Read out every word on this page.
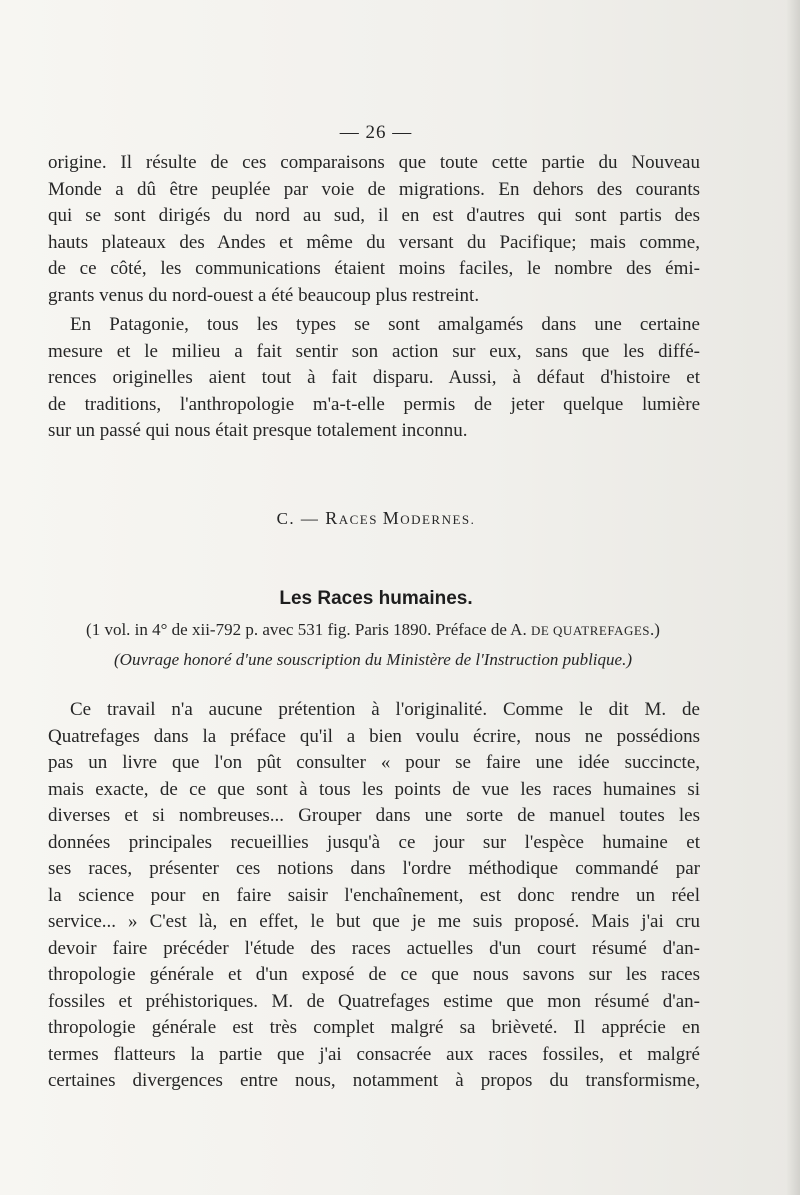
— 26 —
origine. Il résulte de ces comparaisons que toute cette partie du Nouveau
Monde a dû être peuplée par voie de migrations. En dehors des courants
qui se sont dirigés du nord au sud, il en est d'autres qui sont partis des
hauts plateaux des Andes et même du versant du Pacifique; mais comme,
de ce côté, les communications étaient moins faciles, le nombre des émi-
grants venus du nord-ouest a été beaucoup plus restreint.
En Patagonie, tous les types se sont amalgamés dans une certaine
mesure et le milieu a fait sentir son action sur eux, sans que les diffé-
rences originelles aient tout à fait disparu. Aussi, à défaut d'histoire et
de traditions, l'anthropologie m'a-t-elle permis de jeter quelque lumière
sur un passé qui nous était presque totalement inconnu.
C. — RACES MODERNES.
Les Races humaines.
(1 vol. in 4° de xii-792 p. avec 531 fig. Paris 1890. Préface de A. DE QUATREFAGES.)
(Ouvrage honoré d'une souscription du Ministère de l'Instruction publique.)
Ce travail n'a aucune prétention à l'originalité. Comme le dit M. de
Quatrefages dans la préface qu'il a bien voulu écrire, nous ne possédions
pas un livre que l'on pût consulter « pour se faire une idée succincte,
mais exacte, de ce que sont à tous les points de vue les races humaines si
diverses et si nombreuses... Grouper dans une sorte de manuel toutes les
données principales recueillies jusqu'à ce jour sur l'espèce humaine et
ses races, présenter ces notions dans l'ordre méthodique commandé par
la science pour en faire saisir l'enchaînement, est donc rendre un réel
service... » C'est là, en effet, le but que je me suis proposé. Mais j'ai cru
devoir faire précéder l'étude des races actuelles d'un court résumé d'an-
thropologie générale et d'un exposé de ce que nous savons sur les races
fossiles et préhistoriques. M. de Quatrefages estime que mon résumé d'an-
thropologie générale est très complet malgré sa brièveté. Il apprécie en
termes flatteurs la partie que j'ai consacrée aux races fossiles, et malgré
certaines divergences entre nous, notamment à propos du transformisme,
